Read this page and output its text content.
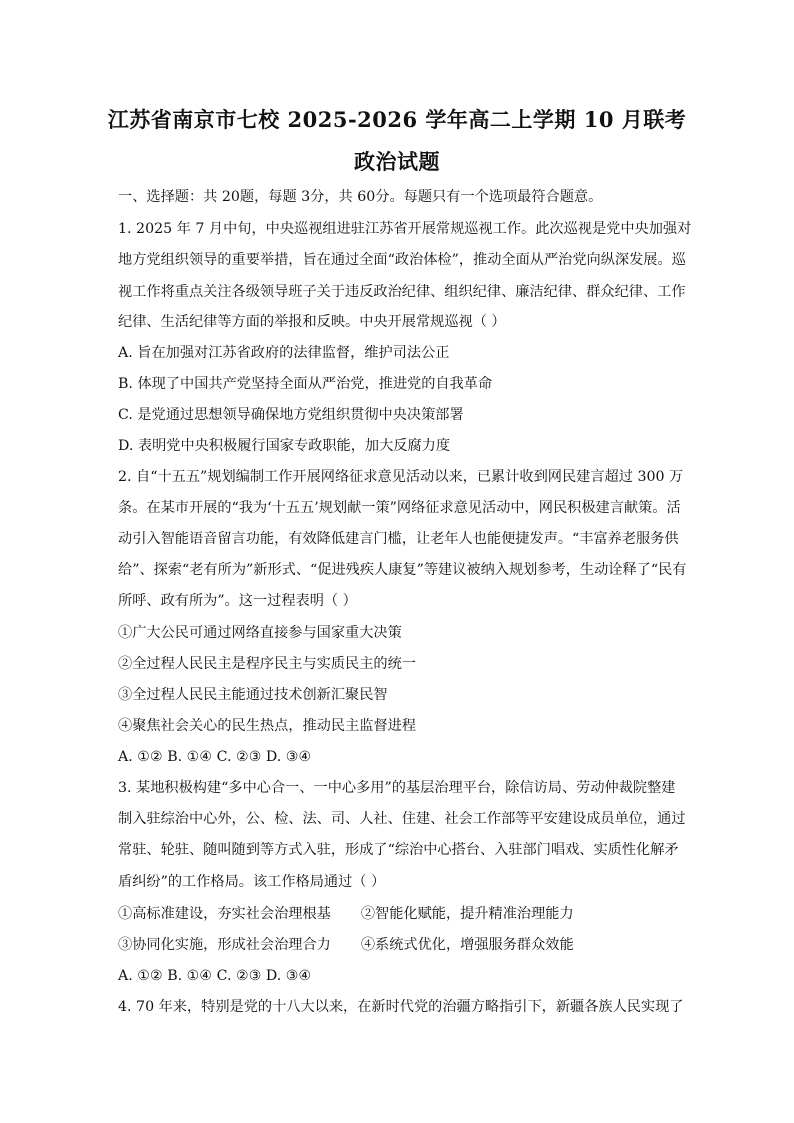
江苏省南京市七校 2025-2026 学年高二上学期 10 月联考
政治试题
一、选择题：共 20题，每题 3分，共 60分。每题只有一个选项最符合题意。
1. 2025 年 7 月中旬，中央巡视组进驻江苏省开展常规巡视工作。此次巡视是党中央加强对
地方党组织领导的重要举措，旨在通过全面“政治体检”，推动全面从严治党向纵深发展。巡
视工作将重点关注各级领导班子关于违反政治纪律、组织纪律、廉洁纪律、群众纪律、工作
纪律、生活纪律等方面的举报和反映。中央开展常规巡视（ ）
A. 旨在加强对江苏省政府的法律监督，维护司法公正
B. 体现了中国共产党坚持全面从严治党，推进党的自我革命
C. 是党通过思想领导确保地方党组织贯彻中央决策部署
D. 表明党中央积极履行国家专政职能，加大反腐力度
2. 自“十五五”规划编制工作开展网络征求意见活动以来，已累计收到网民建言超过 300 万
条。在某市开展的“我为‘十五五’规划献一策”网络征求意见活动中，网民积极建言献策。活
动引入智能语音留言功能，有效降低建言门槛，让老年人也能便捷发声。“丰富养老服务供
给”、探索“老有所为”新形式、“促进残疾人康复”等建议被纳入规划参考，生动诠释了“民有
所呼、政有所为”。这一过程表明（ ）
①广大公民可通过网络直接参与国家重大决策
②全过程人民民主是程序民主与实质民主的统一
③全过程人民民主能通过技术创新汇聚民智
④聚焦社会关心的民生热点，推动民主监督进程
A. ①② B. ①④ C. ②③ D. ③④
3. 某地积极构建“多中心合一、一中心多用”的基层治理平台，除信访局、劳动仲裁院整建
制入驻综治中心外，公、检、法、司、人社、住建、社会工作部等平安建设成员单位，通过
常驻、轮驻、随叫随到等方式入驻，形成了“综治中心搭台、入驻部门唱戏、实质性化解矛
盾纠纷”的工作格局。该工作格局通过（ ）
①高标准建设，夯实社会治理根基 ②智能化赋能，提升精准治理能力
③协同化实施，形成社会治理合力 ④系统式优化，增强服务群众效能
A. ①② B. ①④ C. ②③ D. ③④
4. 70 年来，特别是党的十八大以来，在新时代党的治疆方略指引下，新疆各族人民实现了
